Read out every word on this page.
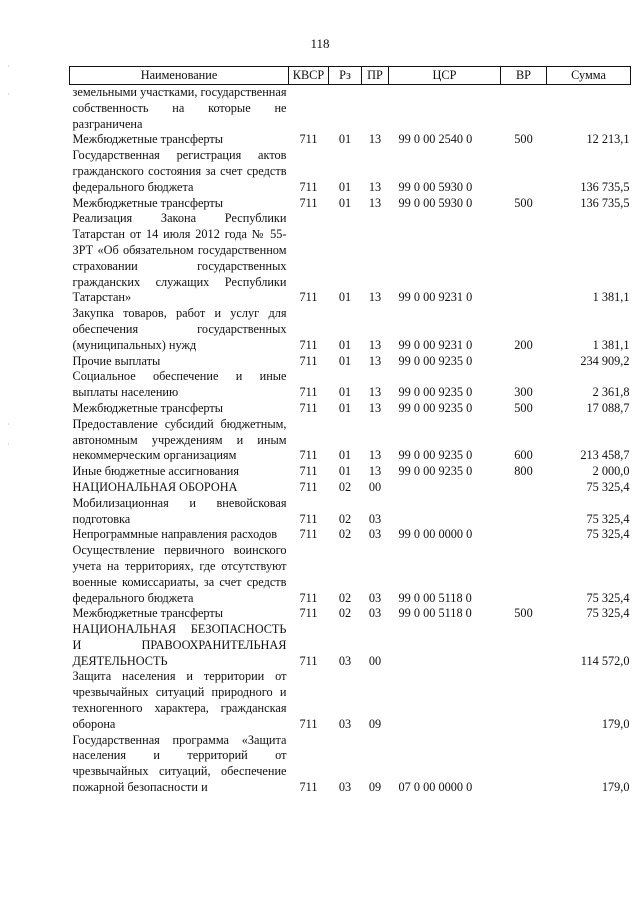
118
·
·
·
·
Наименование	КВСР	Рз	ПР	ЦСР	ВР	Сумма
земельными участками, государственная собственность на которые не разграничена						
Межбюджетные трансферты	711	01	13	99 0 00 2540 0	500	12 213,1
Государственная регистрация актов гражданского состояния за счет средств федерального бюджета	711	01	13	99 0 00 5930 0		136 735,5
Межбюджетные трансферты	711	01	13	99 0 00 5930 0	500	136 735,5
Реализация Закона Республики Татарстан от 14 июля 2012 года № 55-ЗРТ «Об обязательном государственном страховании государственных гражданских служащих Республики Татарстан»	711	01	13	99 0 00 9231 0		1 381,1
Закупка товаров, работ и услуг для обеспечения государственных (муниципальных) нужд	711	01	13	99 0 00 9231 0	200	1 381,1
Прочие выплаты	711	01	13	99 0 00 9235 0		234 909,2
Социальное обеспечение и иные выплаты населению	711	01	13	99 0 00 9235 0	300	2 361,8
Межбюджетные трансферты	711	01	13	99 0 00 9235 0	500	17 088,7
Предоставление субсидий бюджетным, автономным учреждениям и иным некоммерческим организациям	711	01	13	99 0 00 9235 0	600	213 458,7
Иные бюджетные ассигнования	711	01	13	99 0 00 9235 0	800	2 000,0
НАЦИОНАЛЬНАЯ ОБОРОНА	711	02	00			75 325,4
Мобилизационная и вневойсковая подготовка	711	02	03			75 325,4
Непрограммные направления расходов	711	02	03	99 0 00 0000 0		75 325,4
Осуществление первичного воинского учета на территориях, где отсутствуют военные комиссариаты, за счет средств федерального бюджета	711	02	03	99 0 00 5118 0		75 325,4
Межбюджетные трансферты	711	02	03	99 0 00 5118 0	500	75 325,4
НАЦИОНАЛЬНАЯ БЕЗОПАСНОСТЬ И ПРАВООХРАНИТЕЛЬНАЯ ДЕЯТЕЛЬНОСТЬ	711	03	00			114 572,0
Защита населения и территории от чрезвычайных ситуаций природного и техногенного характера, гражданская оборона	711	03	09			179,0
Государственная программа «Защита населения и территорий от чрезвычайных ситуаций, обеспечение пожарной безопасности и	711	03	09	07 0 00 0000 0		179,0
